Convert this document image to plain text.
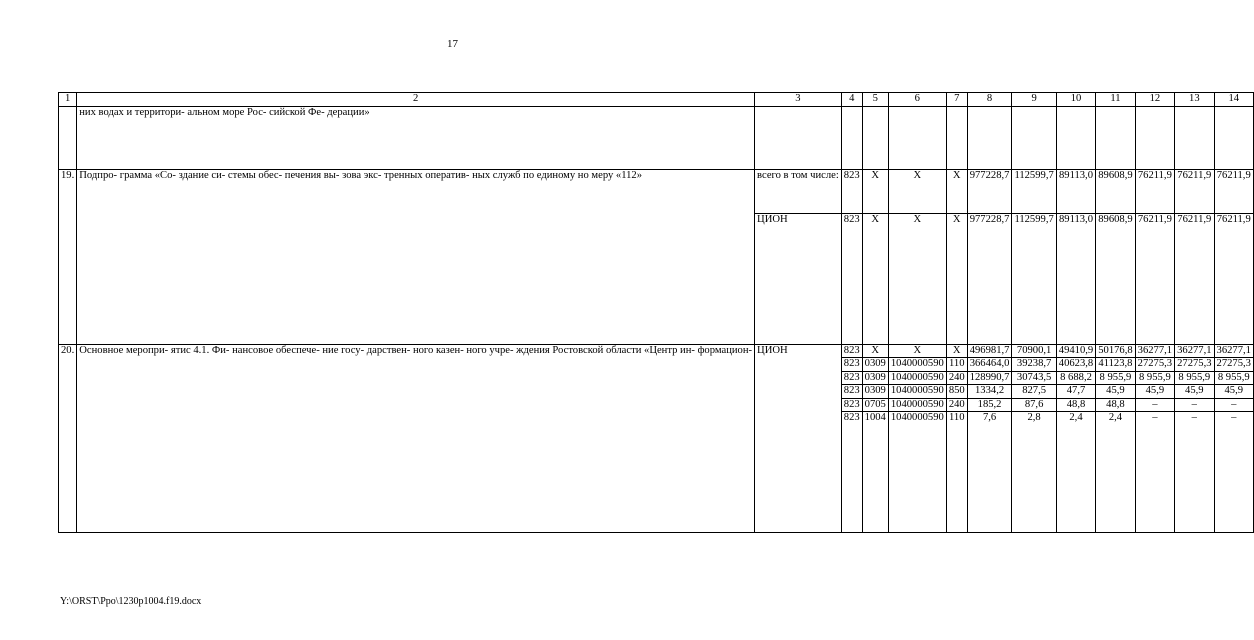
17
1	2	3	4	5	6	7	8	9	10	11	12	13	14
	них водах и территори- альном море Рос- сийской Фе- дерации»												
19.	Подпро- грамма «Со- здание си- стемы обес- печения вы- зова экс- тренных оператив- ных служб по единому но меру «112»	всего в том числе:	823	Х	Х	Х	977228,7	112599,7	89113,0	89608,9	76211,9	76211,9	76211,9
		ЦИОН	823	Х	Х	Х	977228,7	112599,7	89113,0	89608,9	76211,9	76211,9	76211,9
20.	Основное меропри- ятис 4.1. Фи- нансовое обеспече- ние госу- дарствен- ного казен- ного учре- ждения Ростовской области «Центр ин- формацион-	ЦИОН	823	Х	Х	Х	496981,7	70900,1	49410,9	50176,8	36277,1	36277,1	36277,1
			823	0309	1040000590	110	366464,0	39238,7	40623,8	41123,8	27275,3	27275,3	27275,3
			823	0309	1040000590	240	128990,7	30743,5	8 688,2	8 955,9	8 955,9	8 955,9	8 955,9
			823	0309	1040000590	850	1334,2	827,5	47,7	45,9	45,9	45,9	45,9
			823	0705	1040000590	240	185,2	87,6	48,8	48,8	–	–	–
			823	1004	1040000590	110	7,6	2,8	2,4	2,4	–	–	–
Y:\ORST\Ppo\1230p1004.f19.docx
